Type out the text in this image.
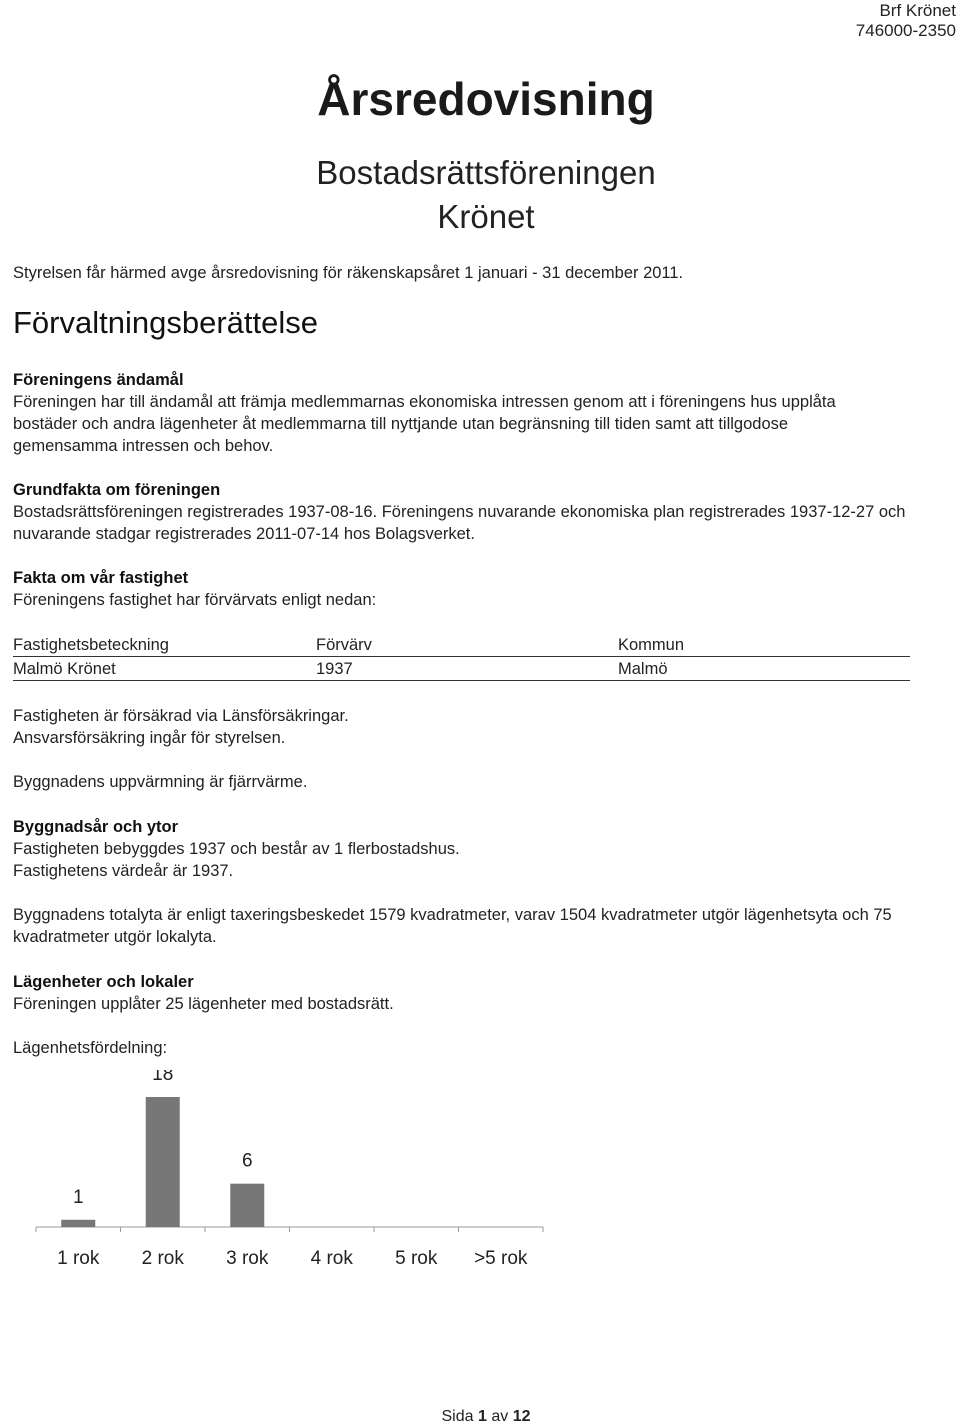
Brf Krönet
746000-2350
Årsredovisning
Bostadsrättsföreningen
Krönet
Styrelsen får härmed avge årsredovisning för räkenskapsåret 1 januari - 31 december 2011.
Förvaltningsberättelse
Föreningens ändamål
Föreningen har till ändamål att främja medlemmarnas ekonomiska intressen genom att i föreningens hus upplåta
bostäder och andra lägenheter åt medlemmarna till nyttjande utan begränsning till tiden samt att tillgodose
gemensamma intressen och behov.
Grundfakta om föreningen
Bostadsrättsföreningen registrerades 1937-08-16. Föreningens nuvarande ekonomiska plan registrerades 1937-12-27 och
nuvarande stadgar registrerades 2011-07-14 hos Bolagsverket.
Fakta om vår fastighet
Föreningens fastighet har förvärvats enligt nedan:
Fastighetsbeteckning	Förvärv	Kommun
Malmö Krönet	1937	Malmö
Fastigheten är försäkrad via Länsförsäkringar.
Ansvarsförsäkring ingår för styrelsen.
Byggnadens uppvärmning är fjärrvärme.
Byggnadsår och ytor
Fastigheten bebyggdes 1937 och består av 1 flerbostadshus.
Fastighetens värdeår är 1937.
Byggnadens totalyta är enligt taxeringsbeskedet 1579 kvadratmeter, varav 1504 kvadratmeter utgör lägenhetsyta och 75
kvadratmeter utgör lokalyta.
Lägenheter och lokaler
Föreningen upplåter 25 lägenheter med bostadsrätt.
Lägenhetsfördelning:
1
1 rok
18
2 rok
6
3 rok 4 rok 5 rok >5 rok
Sida 1 av 12
